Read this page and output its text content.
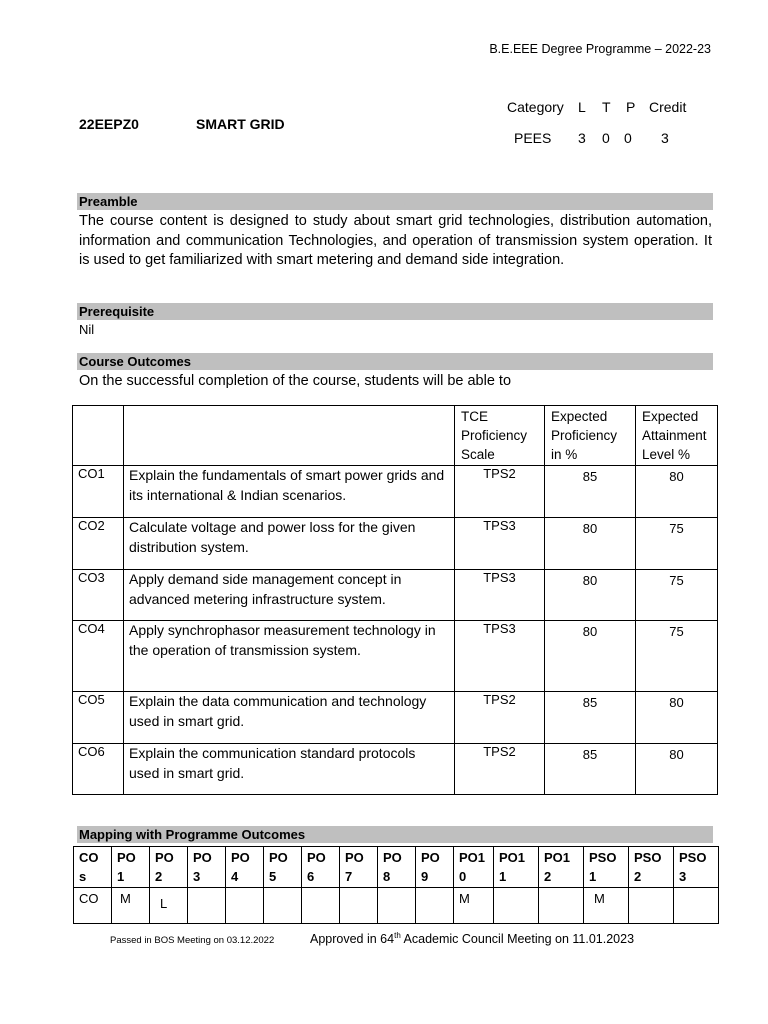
B.E.EEE Degree Programme – 2022-23
Category L T P Credit
PEES 3 0 0 3
22EEPZ0	SMART GRID
Preamble
The course content is designed to study about smart grid technologies, distribution automation, information and communication Technologies, and operation of transmission system operation. It is used to get familiarized with smart metering and demand side integration.
Prerequisite
Nil
Course Outcomes
On the successful completion of the course, students will be able to
		TCE Proficiency Scale	Expected Proficiency in %	Expected Attainment Level %
CO1	Explain the fundamentals of smart power grids and its international & Indian scenarios.	TPS2	85	80
CO2	Calculate voltage and power loss for the given distribution system.	TPS3	80	75
CO3	Apply demand side management concept in advanced metering infrastructure system.	TPS3	80	75
CO4	Apply synchrophasor measurement technology in the operation of transmission system.	TPS3	80	75
CO5	Explain the data communication and technology used in smart grid.	TPS2	85	80
CO6	Explain the communication standard protocols used in smart grid.	TPS2	85	80
Mapping with Programme Outcomes
CO s	PO 1	PO 2	PO 3	PO 4	PO 5	PO 6	PO 7	PO 8	PO 9	PO1 0	PO1 1	PO1 2	PSO 1	PSO 2	PSO 3
CO	M	L								M			M		
Passed in BOS Meeting on 03.12.2022	Approved in 64th Academic Council Meeting on 11.01.2023
